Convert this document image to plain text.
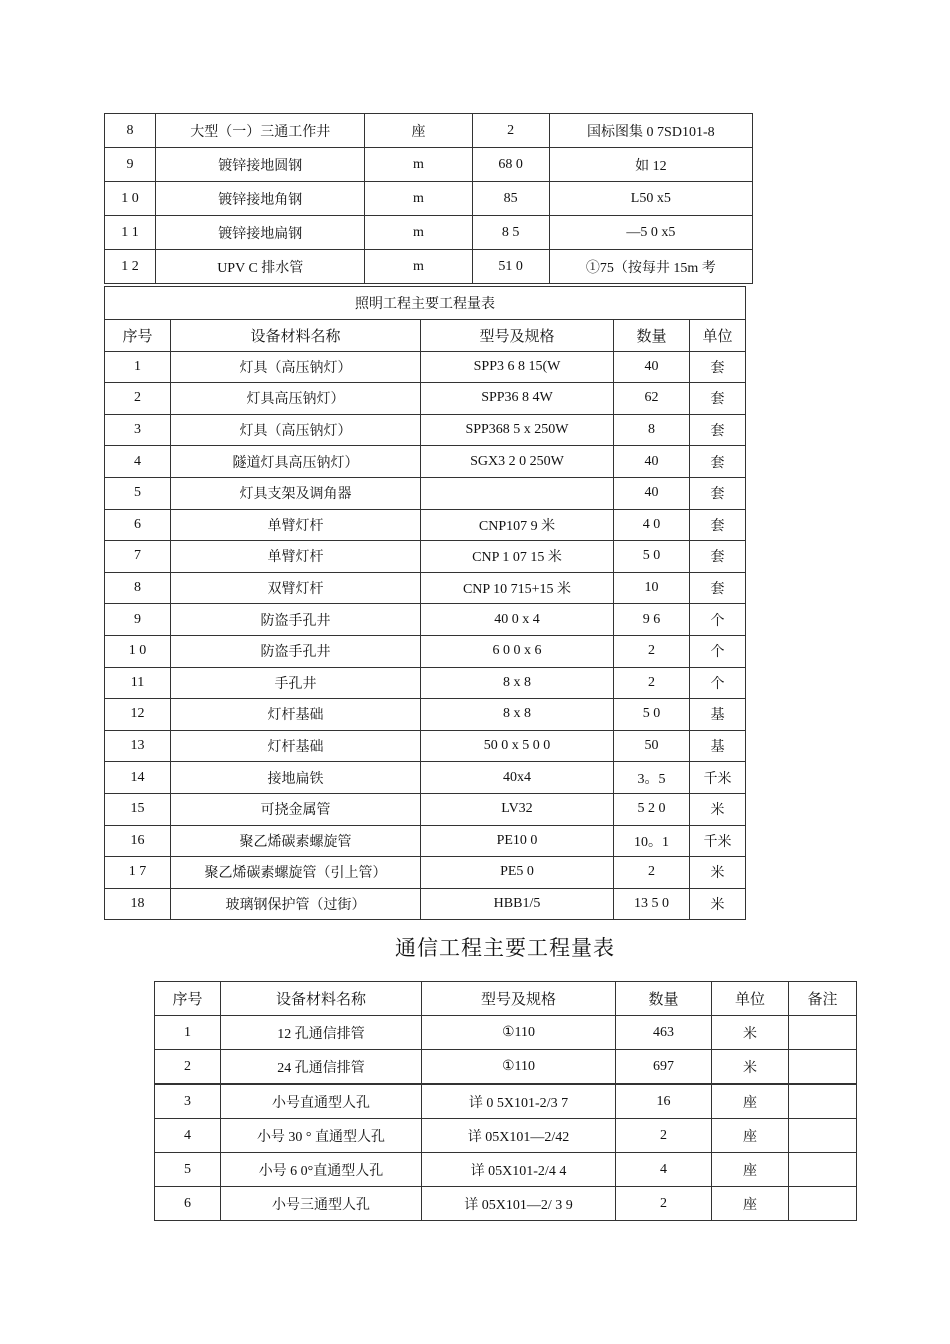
8	大型（一）三通工作井	座	2	国标图集 0 7SD101-8
9	镀锌接地圆钢	m	68 0	如 12
1 0	镀锌接地角钢	m	85	L50 x5
1 1	镀锌接地扁钢	m	8 5	—5 0 x5
1 2	UPV C 排水管	m	51 0	①75（按每井 15m 考
照明工程主要工程量表				
序号	设备材料名称	型号及规格	数量	单位
1	灯具（高压钠灯）	SPP3 6 8 15(W	40	套
2	灯具高压钠灯）	SPP36 8 4W	62	套
3	灯具（高压钠灯）	SPP368 5 x 250W	8	套
4	隧道灯具高压钠灯）	SGX3 2 0 250W	40	套
5	灯具支架及调角器		40	套
6	单臂灯杆	CNP107 9 米	4 0	套
7	单臂灯杆	CNP 1 07 15 米	5 0	套
8	双臂灯杆	CNP 10 715+15 米	10	套
9	防盗手孔井	40 0 x 4	9 6	个
1 0	防盗手孔井	6 0 0 x 6	2	个
11	手孔井	8 x 8	2	个
12	灯杆基础	8 x 8	5 0	基
13	灯杆基础	50 0 x 5 0 0	50	基
14	接地扁铁	40x4	3。5	千米
15	可挠金属管	LV32	5 2 0	米
16	聚乙烯碳素螺旋管	PE10 0	10。1	千米
1 7	聚乙烯碳素螺旋管（引上管）	PE5 0	2	米
18	玻璃钢保护管（过街）	HBB1/5	13 5 0	米
通信工程主要工程量表
序号	设备材料名称	型号及规格	数量	单位	备注
1	12 孔通信排管	①110	463	米	
2	24 孔通信排管	①110	697	米	
3	小号直通型人孔	详 0 5X101-2/3 7	16	座	
4	小号 30 ° 直通型人孔	详 05X101—2/42	2	座	
5	小号 6 0°直通型人孔	详 05X101-2/4 4	4	座	
6	小号三通型人孔	详 05X101—2/ 3 9	2	座	
